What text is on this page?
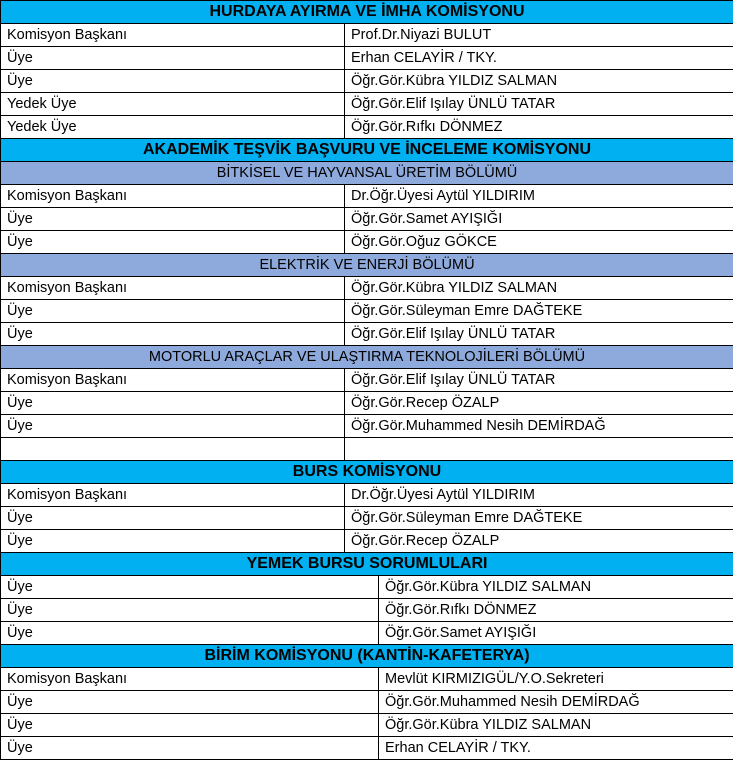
HURDAYA AYIRMA VE İMHA KOMİSYONU	
Komisyon Başkanı	Prof.Dr.Niyazi BULUT
Üye	Erhan CELAYİR / TKY.
Üye	Öğr.Gör.Kübra YILDIZ SALMAN
Yedek Üye	Öğr.Gör.Elif Işılay ÜNLÜ TATAR
Yedek Üye	Öğr.Gör.Rıfkı DÖNMEZ
AKADEMİK TEŞVİK BAŞVURU VE İNCELEME KOMİSYONU	
BİTKİSEL VE HAYVANSAL ÜRETİM BÖLÜMÜ	
Komisyon Başkanı	Dr.Öğr.Üyesi Aytül YILDIRIM
Üye	Öğr.Gör.Samet AYIŞIĞI
Üye	Öğr.Gör.Oğuz GÖKCE
ELEKTRİK VE ENERJİ BÖLÜMÜ	
Komisyon Başkanı	Öğr.Gör.Kübra YILDIZ SALMAN
Üye	Öğr.Gör.Süleyman Emre DAĞTEKE
Üye	Öğr.Gör.Elif Işılay ÜNLÜ TATAR
MOTORLU ARAÇLAR VE ULAŞTIRMA TEKNOLOJİLERİ BÖLÜMÜ	
Komisyon Başkanı	Öğr.Gör.Elif Işılay ÜNLÜ TATAR
Üye	Öğr.Gör.Recep ÖZALP
Üye	Öğr.Gör.Muhammed Nesih DEMİRDAĞ

BURS KOMİSYONU	
Komisyon Başkanı	Dr.Öğr.Üyesi Aytül YILDIRIM
Üye	Öğr.Gör.Süleyman Emre DAĞTEKE
Üye	Öğr.Gör.Recep ÖZALP
YEMEK BURSU SORUMLULARI	
Üye	Öğr.Gör.Kübra YILDIZ SALMAN
Üye	Öğr.Gör.Rıfkı DÖNMEZ
Üye	Öğr.Gör.Samet AYIŞIĞI
BİRİM KOMİSYONU (KANTİN-KAFETERYA)	
Komisyon Başkanı	Mevlüt KIRMIZIGÜL/Y.O.Sekreteri
Üye	Öğr.Gör.Muhammed Nesih DEMİRDAĞ
Üye	Öğr.Gör.Kübra YILDIZ SALMAN
Üye	Erhan CELAYİR / TKY.
